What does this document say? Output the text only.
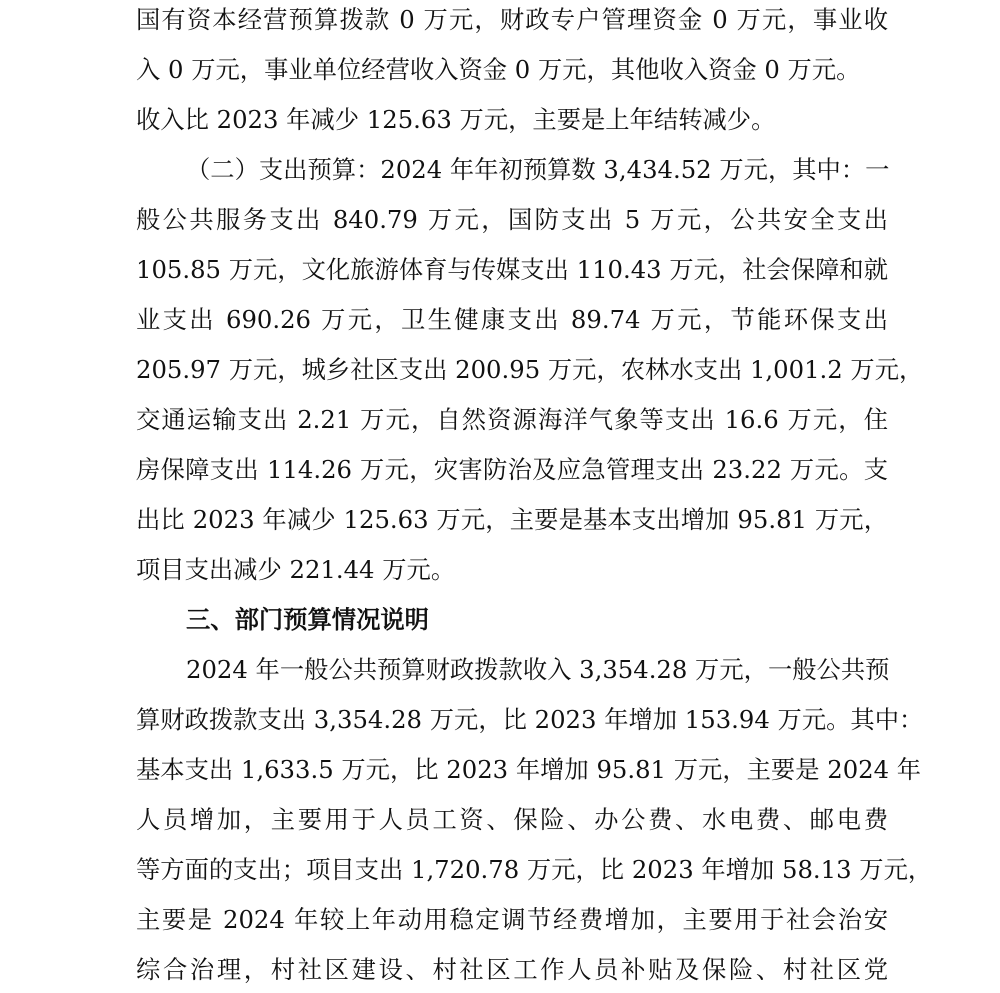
国有资本经营预算拨款 0 万元，财政专户管理资金 0 万元，事业收
入 0 万元，事业单位经营收入资金 0 万元，其他收入资金 0 万元。
收入比 2023 年减少 125.63 万元，主要是上年结转减少。
（二）支出预算：2024 年年初预算数 3,434.52 万元，其中：一
般公共服务支出 840.79 万元，国防支出 5 万元，公共安全支出
105.85 万元，文化旅游体育与传媒支出 110.43 万元，社会保障和就
业支出 690.26 万元，卫生健康支出 89.74 万元，节能环保支出
205.97 万元，城乡社区支出 200.95 万元，农林水支出 1,001.2 万元，
交通运输支出 2.21 万元，自然资源海洋气象等支出 16.6 万元，住
房保障支出 114.26 万元，灾害防治及应急管理支出 23.22 万元。支
出比 2023 年减少 125.63 万元，主要是基本支出增加 95.81 万元，
项目支出减少 221.44 万元。
三、部门预算情况说明
2024 年一般公共预算财政拨款收入 3,354.28 万元，一般公共预
算财政拨款支出 3,354.28 万元，比 2023 年增加 153.94 万元。其中：
基本支出 1,633.5 万元，比 2023 年增加 95.81 万元，主要是 2024 年
人员增加，主要用于人员工资、保险、办公费、水电费、邮电费
等方面的支出；项目支出 1,720.78 万元，比 2023 年增加 58.13 万元，
主要是 2024 年较上年动用稳定调节经费增加，主要用于社会治安
综合治理，村社区建设、村社区工作人员补贴及保险、村社区党
